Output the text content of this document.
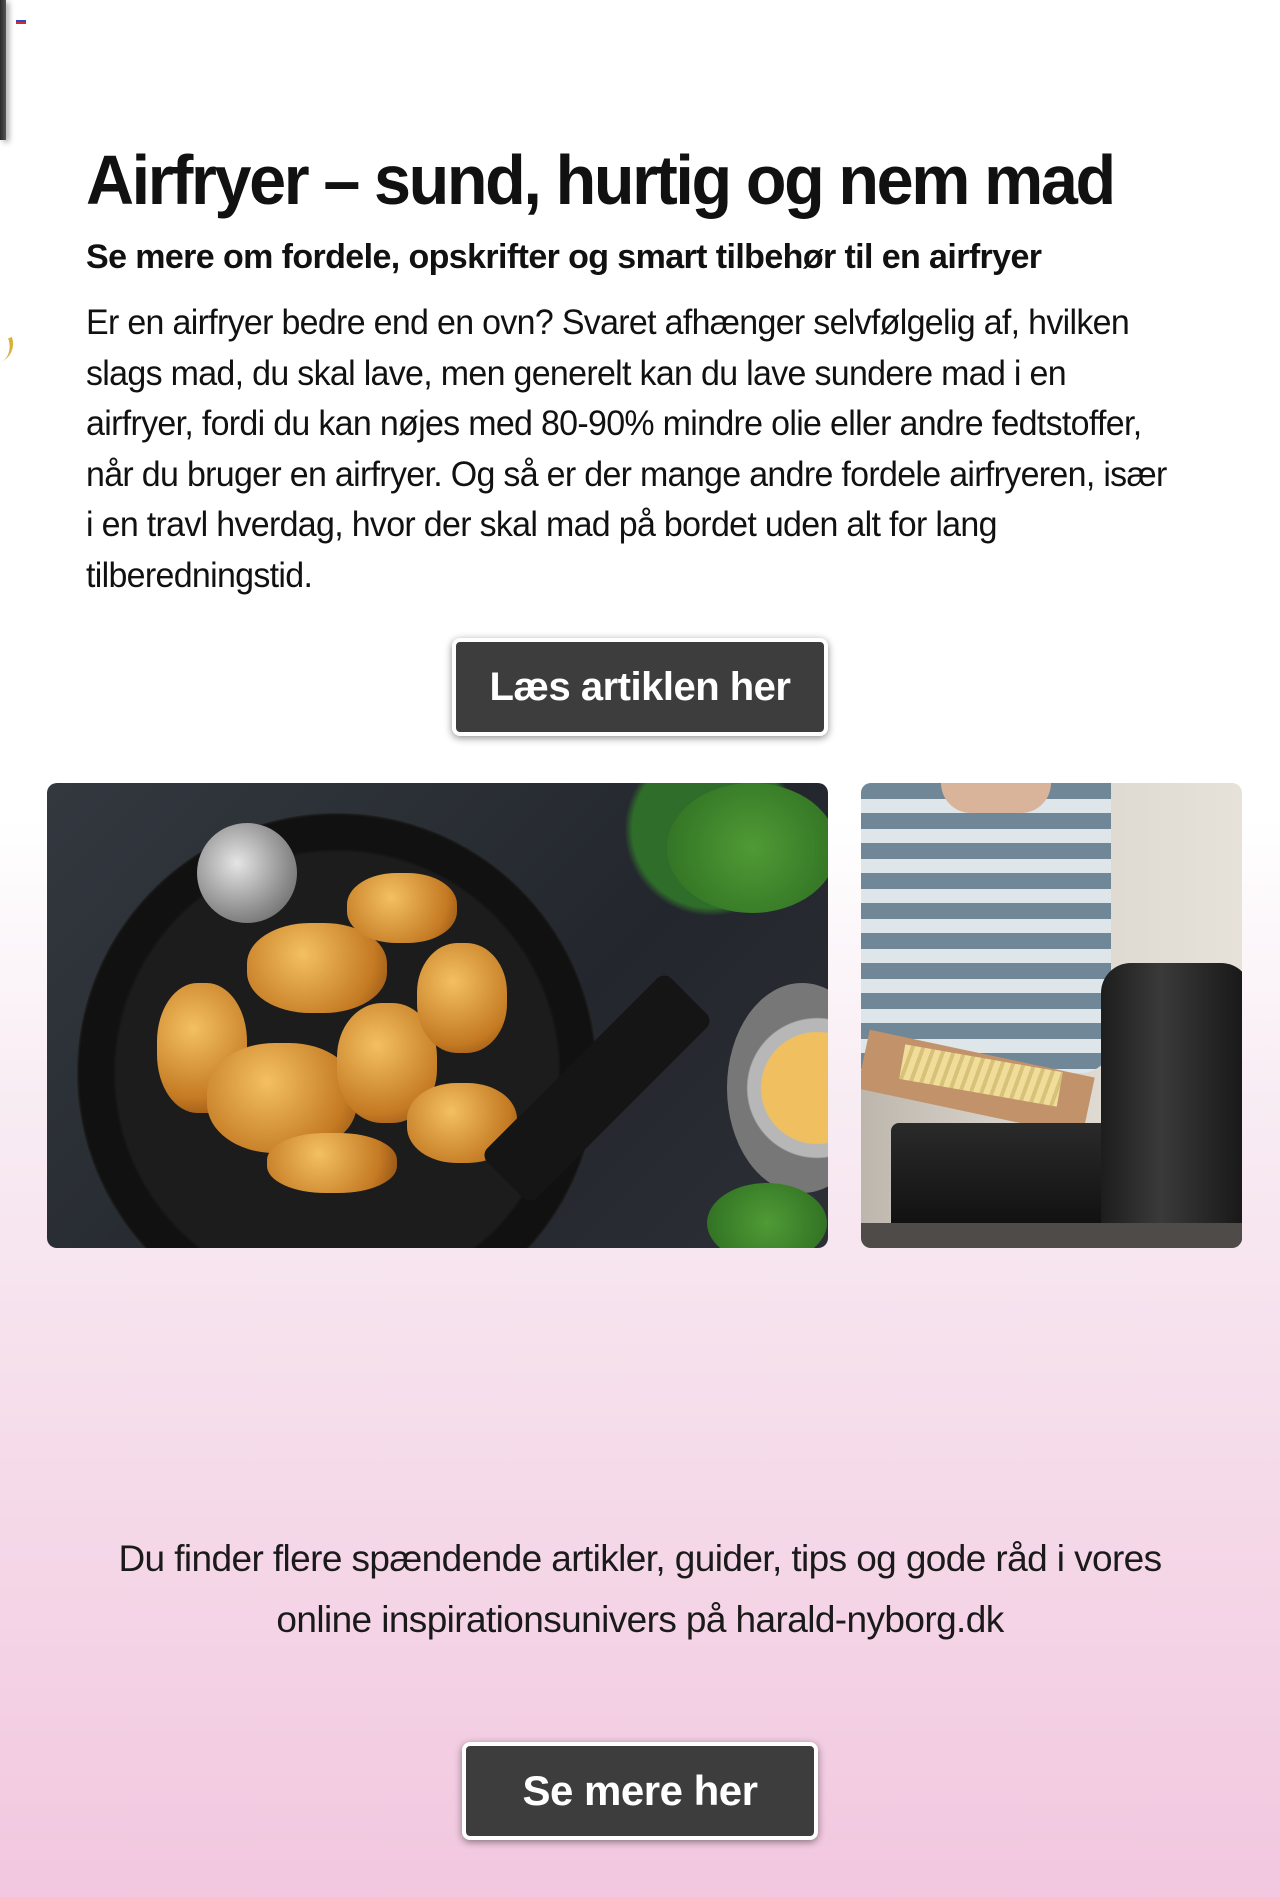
Airfryer – sund, hurtig og nem mad
Se mere om fordele, opskrifter og smart tilbehør til en airfryer

Er en airfryer bedre end en ovn? Svaret afhænger selvfølgelig af, hvilken slags mad, du skal lave, men generelt kan du lave sundere mad i en airfryer, fordi du kan nøjes med 80-90% mindre olie eller andre fedtstoffer, når du bruger en airfryer. Og så er der mange andre fordele airfryeren, især i en travl hverdag, hvor der skal mad på bordet uden alt for lang tilberedningstid.

Læs artiklen her

Du finder flere spændende artikler, guider, tips og gode råd i vores online inspirationsunivers på harald-nyborg.dk

Se mere her
